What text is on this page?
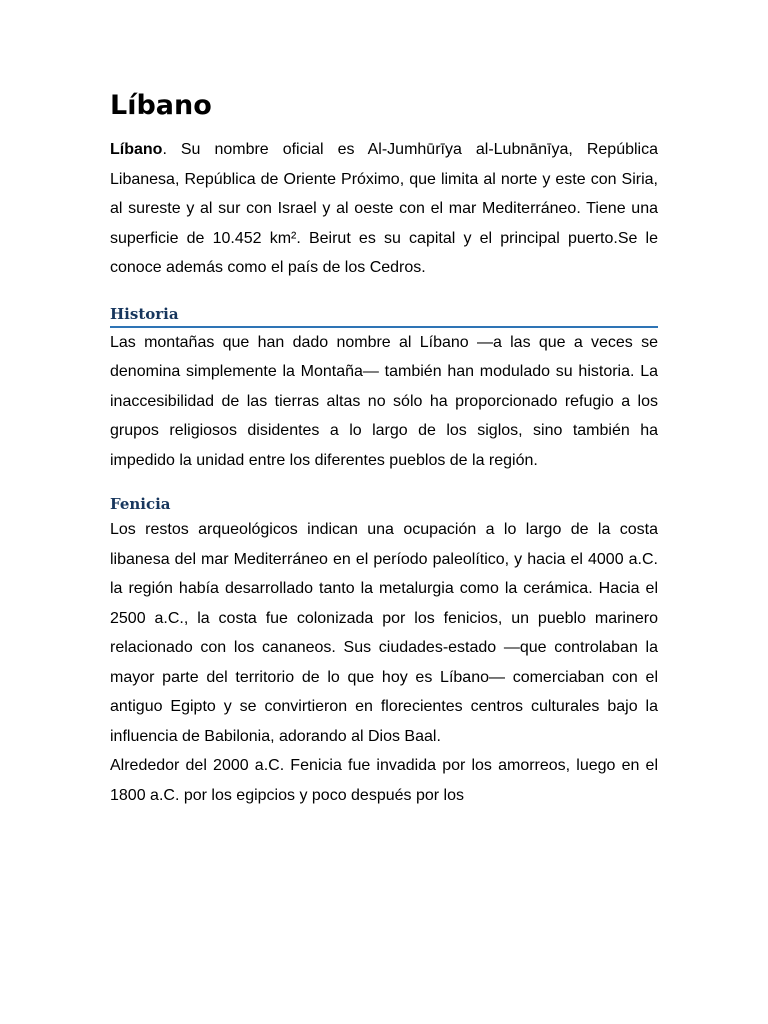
Líbano

Líbano. Su nombre oficial es Al-Jumhūrīya al-Lubnānīya, República Libanesa, República de Oriente Próximo, que limita al norte y este con Siria, al sureste y al sur con Israel y al oeste con el mar Mediterráneo. Tiene una superficie de 10.452 km². Beirut es su capital y el principal puerto.Se le conoce además como el país de los Cedros.

Historia

Las montañas que han dado nombre al Líbano —a las que a veces se denomina simplemente la Montaña— también han modulado su historia. La inaccesibilidad de las tierras altas no sólo ha proporcionado refugio a los grupos religiosos disidentes a lo largo de los siglos, sino también ha impedido la unidad entre los diferentes pueblos de la región.

Fenicia

Los restos arqueológicos indican una ocupación a lo largo de la costa libanesa del mar Mediterráneo en el período paleolítico, y hacia el 4000 a.C. la región había desarrollado tanto la metalurgia como la cerámica. Hacia el 2500 a.C., la costa fue colonizada por los fenicios, un pueblo marinero relacionado con los cananeos. Sus ciudades-estado —que controlaban la mayor parte del territorio de lo que hoy es Líbano— comerciaban con el antiguo Egipto y se convirtieron en florecientes centros culturales bajo la influencia de Babilonia, adorando al Dios Baal.

Alrededor del 2000 a.C. Fenicia fue invadida por los amorreos, luego en el 1800 a.C. por los egipcios y poco después por los
